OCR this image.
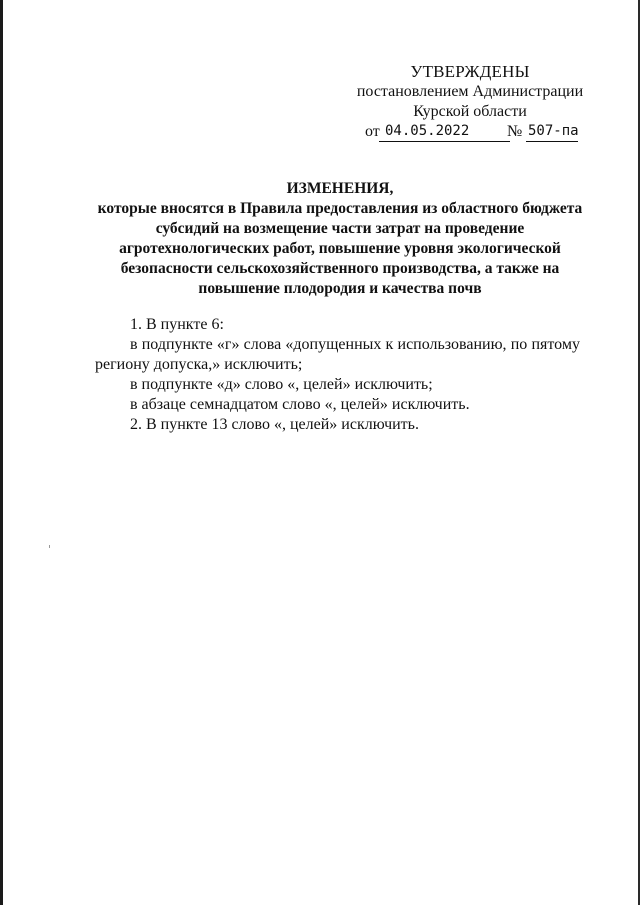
УТВЕРЖДЕНЫ
постановлением Администрации
Курской области
от 04.05.2022	№ 507-па
ИЗМЕНЕНИЯ,
которые вносятся в Правила предоставления из областного бюджета
субсидий на возмещение части затрат на проведение
агротехнологических работ, повышение уровня экологической
безопасности сельскохозяйственного производства, а также на
повышение плодородия и качества почв

1. В пункте 6:

в подпункте «г» слова «допущенных к использованию, по пятому регионy допуска,» исключить;

в подпункте «д» слово «, целей» исключить;

в абзаце семнадцатом слово «, целей» исключить.

2. В пункте 13 слово «, целей» исключить.
